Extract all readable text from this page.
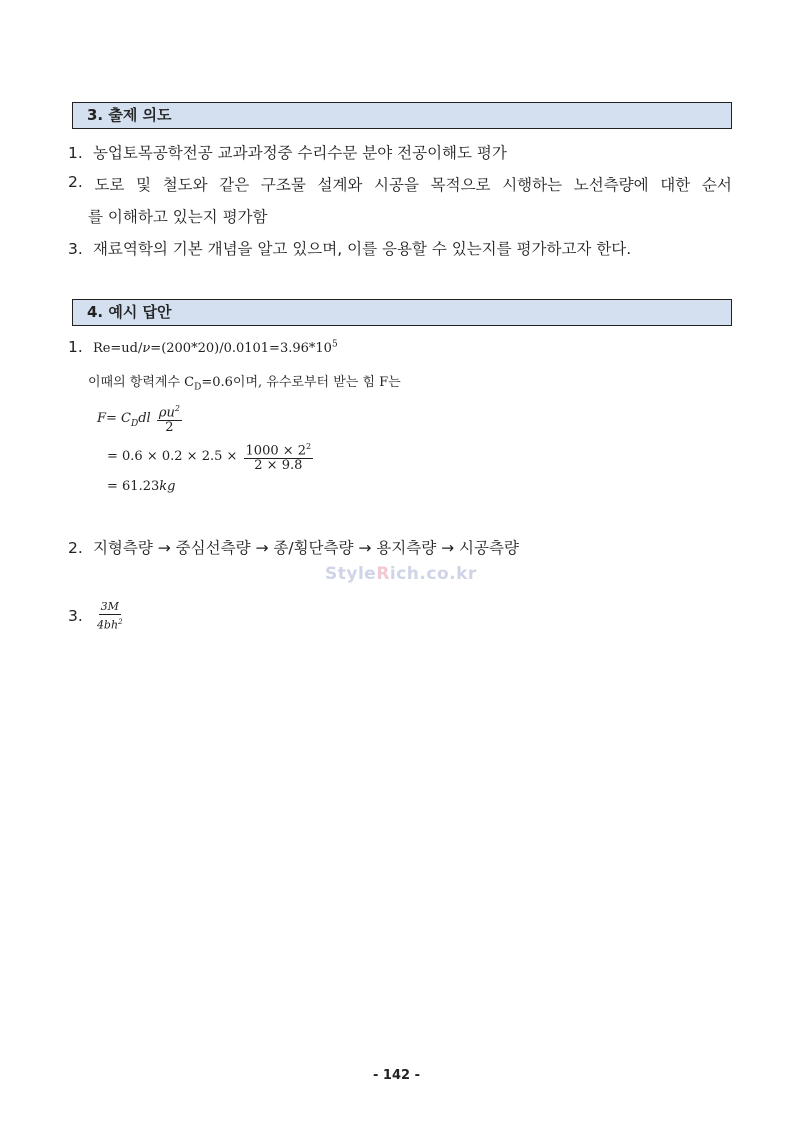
3. 출제 의도
1. 농업토목공학전공 교과과정중 수리수문 분야 전공이해도 평가
2. 도로 및 철도와 같은 구조물 설계와 시공을 목적으로 시행하는 노선측량에 대한 순서
를 이해하고 있는지 평가함
3. 재료역학의 기본 개념을 알고 있으며, 이를 응용할 수 있는지를 평가하고자 한다.
4. 예시 답안
1. $Re=ud/\nu=(200*20)/0.0101=3.96*10^5$
이때의 항력계수 $C_D=0.6$이며, 유수로부터 받는 힘 F는
$F= C_Ddl \frac{\rho u^2}{2}$
= $0.6 \times 0.2 \times 2.5 \times \frac{1000 \times 2^2}{2 \times 9.8}$
= 61.23kg
2. 지형측량 → 중심선측량 → 종/횡단측량 → 용지측량 → 시공측량
StyleRich.co.kr
3. $\frac{3M}{4bh^2}$
- 142 -
